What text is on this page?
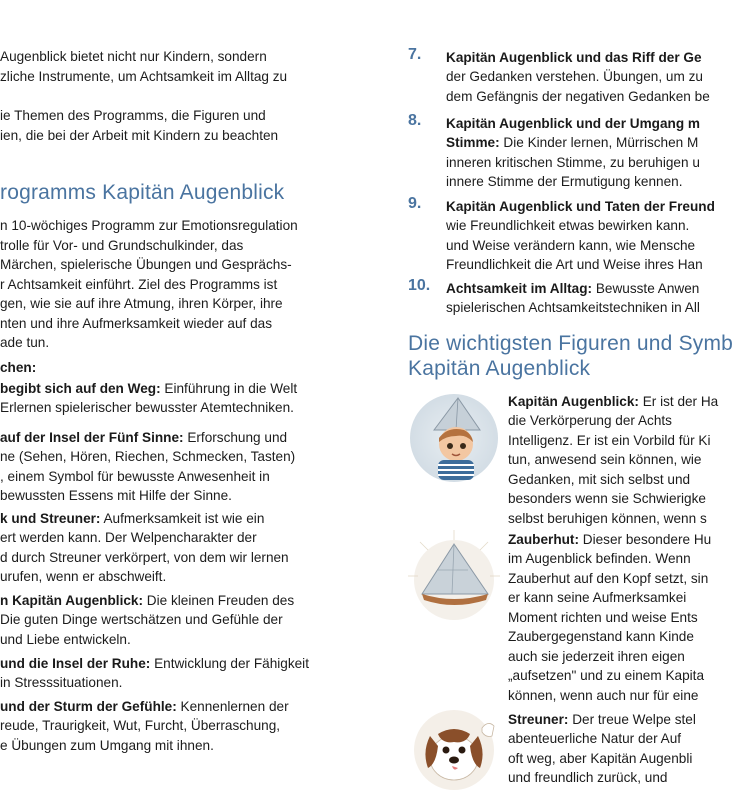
Augenblick bietet nicht nur Kindern, sondern
zliche Instrumente, um Achtsamkeit im Alltag zu
ie Themen des Programms, die Figuren und
ien, die bei der Arbeit mit Kindern zu beachten
rogramms Kapitän Augenblick
n 10-wöchiges Programm zur Emotionsregulation
trolle für Vor- und Grundschulkinder, das
Märchen, spielerische Übungen und Gesprächs-
r Achtsamkeit einführt. Ziel des Programms ist
gen, wie sie auf ihre Atmung, ihren Körper, ihre
nten und ihre Aufmerksamkeit wieder auf das
ade tun.
chen:
begibt sich auf den Weg: Einführung in die Welt
Erlernen spielerischer bewusster Atemtechniken.
auf der Insel der Fünf Sinne: Erforschung und
ne (Sehen, Hören, Riechen, Schmecken, Tasten)
, einem Symbol für bewusste Anwesenheit in
bewussten Essens mit Hilfe der Sinne.
k und Streuner: Aufmerksamkeit ist wie ein
ert werden kann. Der Welpencharakter der
d durch Streuner verkörpert, von dem wir lernen
urufen, wenn er abschweift.
n Kapitän Augenblick: Die kleinen Freuden des
Die guten Dinge wertschätzen und Gefühle der
und Liebe entwickeln.
und die Insel der Ruhe: Entwicklung der Fähigkeit
in Stresssituationen.
und der Sturm der Gefühle: Kennenlernen der
reude, Traurigkeit, Wut, Furcht, Überraschung,
e Übungen zum Umgang mit ihnen.
7.	Kapitän Augenblick und das Riff der Ge
der Gedanken verstehen. Übungen, um zu
dem Gefängnis der negativen Gedanken be
8.	Kapitän Augenblick und der Umgang m
Stimme: Die Kinder lernen, Mürrischen M
inneren kritischen Stimme, zu beruhigen u
innere Stimme der Ermutigung kennen.
9.	Kapitän Augenblick und Taten der Freund
wie Freundlichkeit etwas bewirken kann.
und Weise verändern kann, wie Mensche
Freundlichkeit die Art und Weise ihres Han
10.	Achtsamkeit im Alltag: Bewusste Anwen
spielerischen Achtsamkeitstechniken in All
Die wichtigsten Figuren und Symb
Kapitän Augenblick
Kapitän Augenblick: Er ist der Ha
die Verkörperung der Achts
Intelligenz. Er ist ein Vorbild für Ki
tun, anwesend sein können, wie
Gedanken, mit sich selbst und
besonders wenn sie Schwierigke
selbst beruhigen können, wenn s
Zauberhut: Dieser besondere Hu
im Augenblick befinden. Wenn
Zauberhut auf den Kopf setzt, sin
er kann seine Aufmerksamkei
Moment richten und weise Ents
Zaubergegenstand kann Kinde
auch sie jederzeit ihren eigen
„aufsetzen" und zu einem Kapita
können, wenn auch nur für eine
Streuner: Der treue Welpe stel
abenteuerliche Natur der Auf
oft weg, aber Kapitän Augenbli
und freundlich zurück, und
